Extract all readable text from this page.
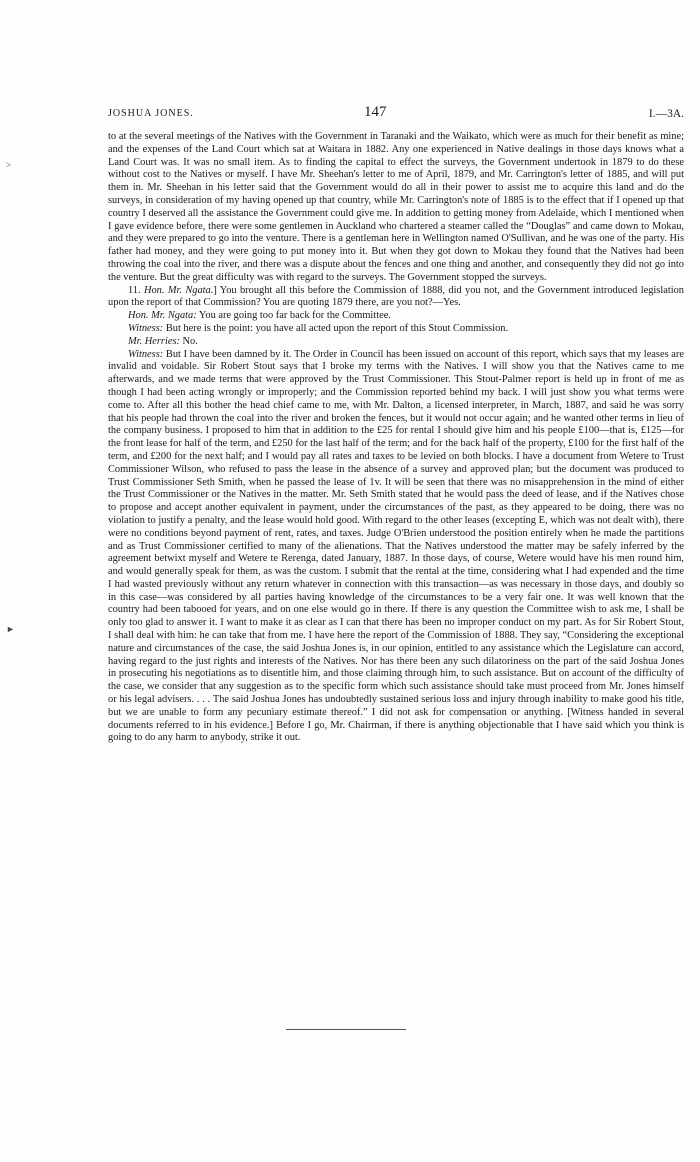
JOSHUA JONES.	147	I.—3A.
>
►

to at the several meetings of the Natives with the Government in Taranaki and the Waikato, which were as much for their benefit as mine; and the expenses of the Land Court which sat at Waitara in 1882. Any one experienced in Native dealings in those days knows what a Land Court was. It was no small item. As to finding the capital to effect the surveys, the Government undertook in 1879 to do these without cost to the Natives or myself. I have Mr. Sheehan's letter to me of April, 1879, and Mr. Carrington's letter of 1885, and will put them in. Mr. Sheehan in his letter said that the Government would do all in their power to assist me to acquire this land and do the surveys, in consideration of my having opened up that country, while Mr. Carrington's note of 1885 is to the effect that if I opened up that country I deserved all the assistance the Government could give me. In addition to getting money from Adelaide, which I mentioned when I gave evidence before, there were some gentlemen in Auckland who chartered a steamer called the “Douglas” and came down to Mokau, and they were prepared to go into the venture. There is a gentleman here in Wellington named O'Sullivan, and he was one of the party. His father had money, and they were going to put money into it. But when they got down to Mokau they found that the Natives had been throwing the coal into the river, and there was a dispute about the fences and one thing and another, and consequently they did not go into the venture. But the great difficulty was with regard to the surveys. The Government stopped the surveys.

11. Hon. Mr. Ngata.] You brought all this before the Commission of 1888, did you not, and the Government introduced legislation upon the report of that Commission? You are quoting 1879 there, are you not?—Yes.

Hon. Mr. Ngata: You are going too far back for the Committee.

Witness: But here is the point: you have all acted upon the report of this Stout Commission.

Mr. Herries: No.

Witness: But I have been damned by it. The Order in Council has been issued on account of this report, which says that my leases are invalid and voidable. Sir Robert Stout says that I broke my terms with the Natives. I will show you that the Natives came to me afterwards, and we made terms that were approved by the Trust Commissioner. This Stout-Palmer report is held up in front of me as though I had been acting wrongly or improperly; and the Commission reported behind my back. I will just show you what terms were come to. After all this bother the head chief came to me, with Mr. Dalton, a licensed interpreter, in March, 1887, and said he was sorry that his people had thrown the coal into the river and broken the fences, but it would not occur again; and he wanted other terms in lieu of the company business. I proposed to him that in addition to the £25 for rental I should give him and his people £100—that is, £125—for the front lease for half of the term, and £250 for the last half of the term; and for the back half of the property, £100 for the first half of the term, and £200 for the next half; and I would pay all rates and taxes to be levied on both blocks. I have a document from Wetere to Trust Commissioner Wilson, who refused to pass the lease in the absence of a survey and approved plan; but the document was produced to Trust Commissioner Seth Smith, when he passed the lease of 1v. It will be seen that there was no misapprehension in the mind of either the Trust Commissioner or the Natives in the matter. Mr. Seth Smith stated that he would pass the deed of lease, and if the Natives chose to propose and accept another equivalent in payment, under the circumstances of the past, as they appeared to be doing, there was no violation to justify a penalty, and the lease would hold good. With regard to the other leases (excepting E, which was not dealt with), there were no conditions beyond payment of rent, rates, and taxes. Judge O'Brien understood the position entirely when he made the partitions and as Trust Commissioner certified to many of the alienations. That the Natives understood the matter may be safely inferred by the agreement betwixt myself and Wetere te Rerenga, dated January, 1887. In those days, of course, Wetere would have his men round him, and would generally speak for them, as was the custom. I submit that the rental at the time, considering what I had expended and the time I had wasted previously without any return whatever in connection with this transaction—as was necessary in those days, and doubly so in this case—was considered by all parties having knowledge of the circumstances to be a very fair one. It was well known that the country had been tabooed for years, and on one else would go in there. If there is any question the Committee wish to ask me, I shall be only too glad to answer it. I want to make it as clear as I can that there has been no improper conduct on my part. As for Sir Robert Stout, I shall deal with him: he can take that from me. I have here the report of the Commission of 1888. They say, “Considering the exceptional nature and circumstances of the case, the said Joshua Jones is, in our opinion, entitled to any assistance which the Legislature can accord, having regard to the just rights and interests of the Natives. Nor has there been any such dilatoriness on the part of the said Joshua Jones in prosecuting his negotiations as to disentitle him, and those claiming through him, to such assistance. But on account of the difficulty of the case, we consider that any suggestion as to the specific form which such assistance should take must proceed from Mr. Jones himself or his legal advisers. . . . The said Joshua Jones has undoubtedly sustained serious loss and injury through inability to make good his title, but we are unable to form any pecuniary estimate thereof.” I did not ask for compensation or anything. [Witness handed in several documents referred to in his evidence.] Before I go, Mr. Chairman, if there is anything objectionable that I have said which you think is going to do any harm to anybody, strike it out.
